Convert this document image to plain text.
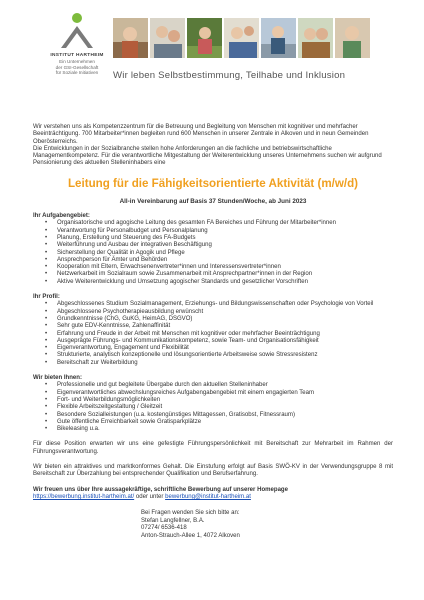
INSTITUT HARTHEIM
Ein Unternehmen
der GSI-Gesellschaft
für Soziale Initiativen	Wir leben Selbstbestimmung, Teilhabe und Inklusion

Wir verstehen uns als Kompetenzzentrum für die Betreuung und Begleitung von Menschen mit kognitiver und mehrfacher Beeinträchtigung. 700 Mitarbeiter*innen begleiten rund 600 Menschen in unserer Zentrale in Alkoven und in neun Gemeinden Oberösterreichs.

Die Entwicklungen in der Sozialbranche stellen hohe Anforderungen an die fachliche und betriebswirtschaftliche Managementkompetenz. Für die verantwortliche Mitgestaltung der Weiterentwicklung unseres Unternehmens suchen wir aufgrund Pensionierung des aktuellen Stelleninhabers eine

Leitung für die Fähigkeitsorientierte Aktivität (m/w/d)
All-in Vereinbarung auf Basis 37 Stunden/Woche, ab Juni 2023
Ihr Aufgabengebiet:
• Organisatorische und agogische Leitung des gesamten FA Bereiches und Führung der Mitarbeiter*innen
• Verantwortung für Personalbudget und Personalplanung
• Planung, Erstellung und Steuerung des FA-Budgets
• Weiterführung und Ausbau der integrativen Beschäftigung
• Sicherstellung der Qualität in Agogik und Pflege
• Ansprechperson für Ämter und Behörden
• Kooperation mit Eltern, Erwachsenenvertreter*innen und Interessensvertreter*innen
• Netzwerkarbeit im Sozialraum sowie Zusammenarbeit mit Ansprechpartner*innen in der Region
• Aktive Weiterentwicklung und Umsetzung agogischer Standards und gesetzlicher Vorschriften
Ihr Profil:
• Abgeschlossenes Studium Sozialmanagement, Erziehungs- und Bildungswissenschaften oder Psychologie von Vorteil
• Abgeschlossene Psychotherapieausbildung erwünscht
• Grundkenntnisse (ChG, GuKG, HeimAG, DSGVO)
• Sehr gute EDV-Kenntnisse, Zahlenaffinität
• Erfahrung und Freude in der Arbeit mit Menschen mit kognitiver oder mehrfacher Beeinträchtigung
• Ausgeprägte Führungs- und Kommunikationskompetenz, sowie Team- und Organisationsfähigkeit
• Eigenverantwortung, Engagement und Flexibilität
• Strukturierte, analytisch konzeptionelle und lösungsorientierte Arbeitsweise sowie Stressresistenz
• Bereitschaft zur Weiterbildung
Wir bieten Ihnen:
• Professionelle und gut begleitete Übergabe durch den aktuellen Stelleninhaber
• Eigenverantwortliches abwechslungsreiches Aufgabengabengebiet mit einem engagierten Team
• Fort- und Weiterbildungsmöglichkeiten
• Flexible Arbeitszeitgestaltung / Gleitzeit
• Besondere Sozialleistungen (u.a. kostengünstiges Mittagessen, Gratisobst, Fitnessraum)
• Gute öffentliche Erreichbarkeit sowie Gratisparkplätze
• Bikeleasing u.a.

Für diese Position erwarten wir uns eine gefestigte Führungspersönlichkeit mit Bereitschaft zur Mehrarbeit im Rahmen der Führungsverantwortung.

Wir bieten ein attraktives und marktkonformes Gehalt. Die Einstufung erfolgt auf Basis SWÖ-KV in der Verwendungsgruppe 8 mit Bereitschaft zur Überzahlung bei entsprechender Qualifikation und Berufserfahrung.

Wir freuen uns über Ihre aussagekräftige, schriftliche Bewerbung auf unserer Homepage

https://bewerbung.institut-hartheim.at/ oder unter bewerbung@institut-hartheim.at

Bei Fragen wenden Sie sich bitte an:
Stefan Langfellner, B.A.
07274/ 6536-418
Anton-Strauch-Allee 1, 4072 Alkoven
